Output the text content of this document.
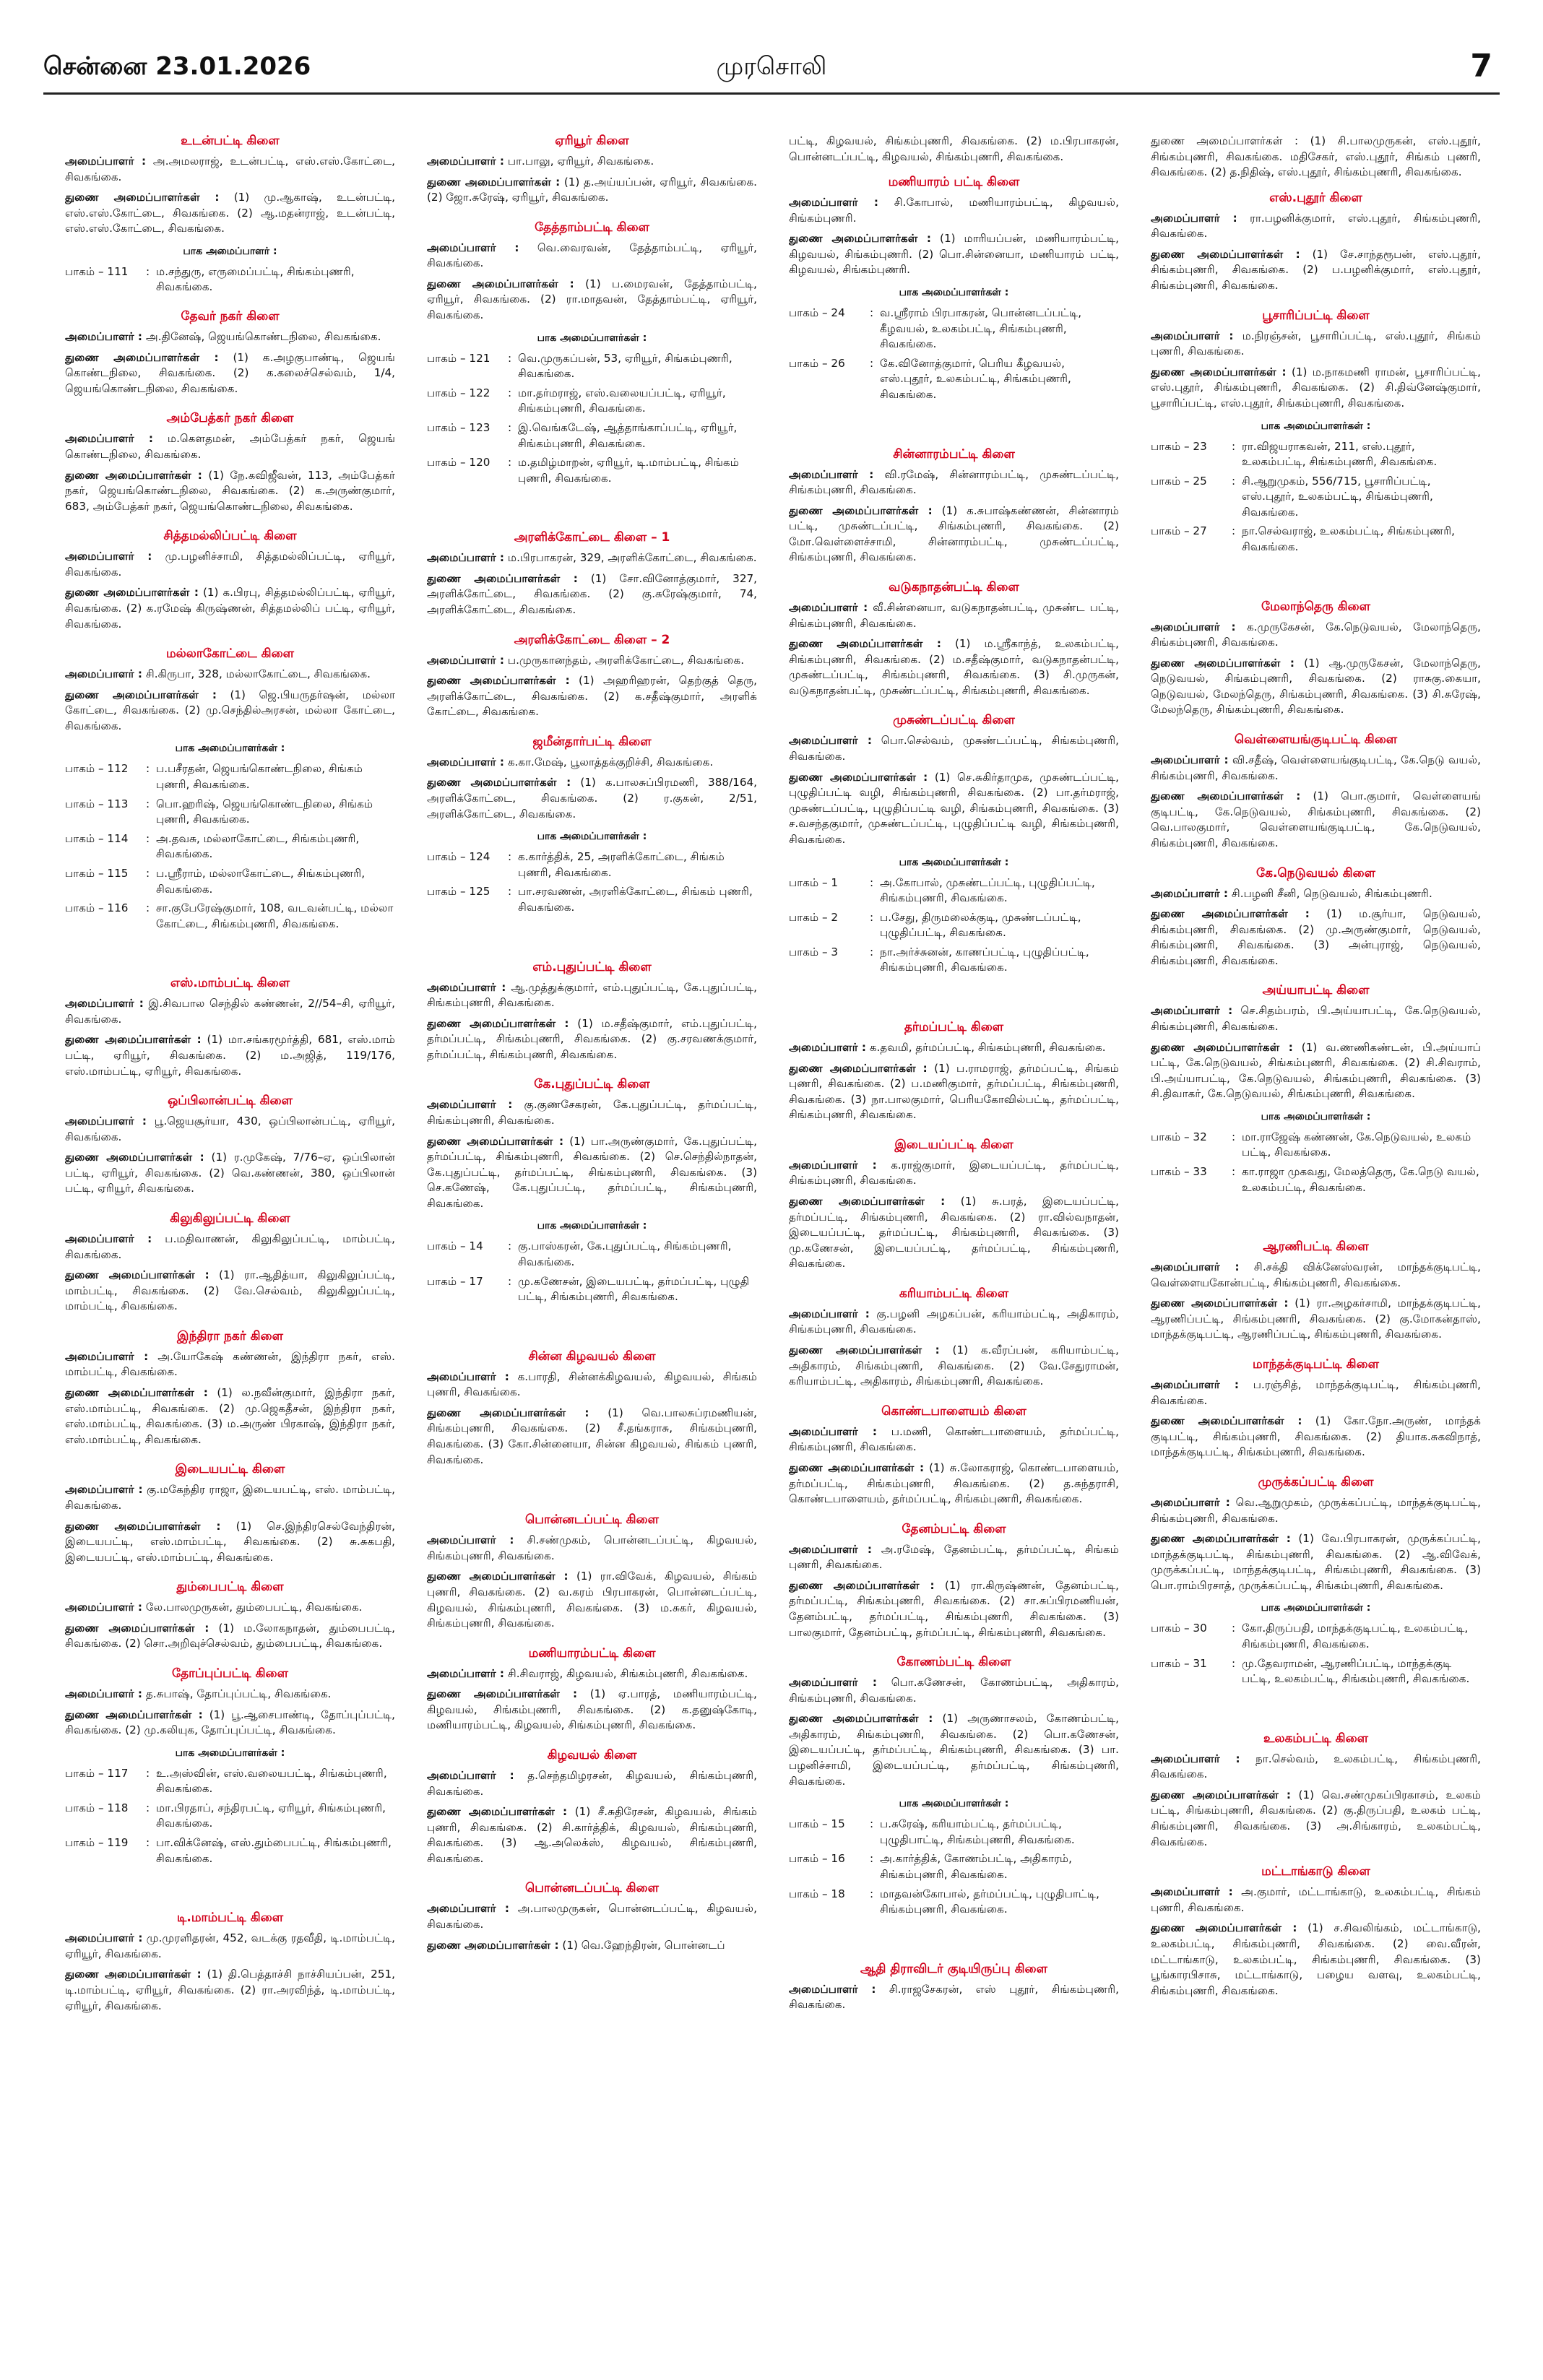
சென்னை 23.01.2026	முரசொலி	7
உடன்பட்டி கிளை
அமைப்பாளர் : அ.அமலராஜ், உடன்பட்டி, எஸ்.எஸ்.கோட்டை, சிவகங்கை.
துணை அமைப்பாளர்கள் : (1) மு.ஆகாஷ், உடன்பட்டி, எஸ்.எஸ்.கோட்டை, சிவகங்கை. (2) ஆ.மதன்ராஜ், உடன்பட்டி, எஸ்.எஸ்.கோட்டை, சிவகங்கை.
பாக அமைப்பாளர் :
பாகம் – 111	: ம.சந்துரு, எருமைப்பட்டி, சிங்கம்புணரி, சிவகங்கை.
தேவர் நகர் கிளை
அமைப்பாளர் : அ.தினேஷ், ஜெயங்கொண்டநிலை, சிவகங்கை.
துணை அமைப்பாளர்கள் : (1) க.அழகுபாண்டி, ஜெயங் கொண்டநிலை, சிவகங்கை. (2) க.கலைச்செல்வம், 1/4, ஜெயங்கொண்டநிலை, சிவகங்கை.
அம்பேத்கர் நகர் கிளை
அமைப்பாளர் : ம.கெளதமன், அம்பேத்கர் நகர், ஜெயங் கொண்டநிலை, சிவகங்கை.
துணை அமைப்பாளர்கள் : (1) நே.கவிஜீவன், 113, அம்பேத்கர் நகர், ஜெயங்கொண்டநிலை, சிவகங்கை. (2) க.அருண்குமார், 683, அம்பேத்கர் நகர், ஜெயங்கொண்டநிலை, சிவகங்கை.
சித்தமல்லிப்பட்டி கிளை
அமைப்பாளர் : மு.பழனிச்சாமி, சித்தமல்லிப்பட்டி, ஏரியூர், சிவகங்கை.
துணை அமைப்பாளர்கள் : (1) க.பிரபு, சித்தமல்லிப்பட்டி, ஏரியூர், சிவகங்கை. (2) க.ரமேஷ் கிருஷ்ணன், சித்தமல்லிப் பட்டி, ஏரியூர், சிவகங்கை.
மல்லாகோட்டை கிளை
அமைப்பாளர் : சி.கிருபா, 328, மல்லாகோட்டை, சிவகங்கை.
துணை அமைப்பாளர்கள் : (1) ஜெ.பியருதர்ஷன், மல்லா கோட்டை, சிவகங்கை. (2) மு.செந்தில்அரசன், மல்லா கோட்டை, சிவகங்கை.
பாக அமைப்பாளர்கள் :
பாகம் – 112	: ப.பசீரதன், ஜெயங்கொண்டநிலை, சிங்கம் புணரி, சிவகங்கை.
பாகம் – 113	: பொ.ஹரிஷ், ஜெயங்கொண்டநிலை, சிங்கம் புணரி, சிவகங்கை.
பாகம் – 114	: அ.தவசு, மல்லாகோட்டை, சிங்கம்புணரி, சிவகங்கை.
பாகம் – 115	: ப.ஸ்ரீராம், மல்லாகோட்டை, சிங்கம்புணரி, சிவகங்கை.
பாகம் – 116	: சா.குபேரேஷ்குமார், 108, வடவன்பட்டி, மல்லா கோட்டை, சிங்கம்புணரி, சிவகங்கை.
எஸ்.மாம்பட்டி கிளை
அமைப்பாளர் : இ.சிவபால செந்தில் கண்ணன், 2//54–சி, ஏரியூர், சிவகங்கை.
துணை அமைப்பாளர்கள் : (1) மா.சங்கரமூர்த்தி, 681, எஸ்.மாம் பட்டி, ஏரியூர், சிவகங்கை. (2) ம.அஜித், 119/176, எஸ்.மாம்பட்டி, ஏரியூர், சிவகங்கை.
ஒப்பிலான்பட்டி கிளை
அமைப்பாளர் : பூ.ஜெயசூர்யா, 430, ஒப்பிலான்பட்டி, ஏரியூர், சிவகங்கை.
துணை அமைப்பாளர்கள் : (1) ர.முகேஷ், 7/76–ஏ, ஒப்பிலான் பட்டி, ஏரியூர், சிவகங்கை. (2) வெ.கண்ணன், 380, ஒப்பிலான் பட்டி, ஏரியூர், சிவகங்கை.
கிலுகிலுப்பட்டி கிளை
அமைப்பாளர் : ப.மதிவாணன், கிலுகிலுப்பட்டி, மாம்பட்டி, சிவகங்கை.
துணை அமைப்பாளர்கள் : (1) ரா.ஆதித்யா, கிலுகிலுப்பட்டி, மாம்பட்டி, சிவகங்கை. (2) வே.செல்வம், கிலுகிலுப்பட்டி, மாம்பட்டி, சிவகங்கை.
இந்திரா நகர் கிளை
அமைப்பாளர் : அ.யோகேஷ் கண்ணன், இந்திரா நகர், எஸ். மாம்பட்டி, சிவகங்கை.
துணை அமைப்பாளர்கள் : (1) ல.நவீன்குமார், இந்திரா நகர், எஸ்.மாம்பட்டி, சிவகங்கை. (2) மு.ஜெகதீசன், இந்திரா நகர், எஸ்.மாம்பட்டி, சிவகங்கை. (3) ம.அருண் பிரகாஷ், இந்திரா நகர், எஸ்.மாம்பட்டி, சிவகங்கை.
இடையபட்டி கிளை
அமைப்பாளர் : கு.மகேந்திர ராஜா, இடையபட்டி, எஸ். மாம்பட்டி, சிவகங்கை.
துணை அமைப்பாளர்கள் : (1) செ.இந்திரசெல்வேந்திரன், இடையபட்டி, எஸ்.மாம்பட்டி, சிவகங்கை. (2) சு.சுகபதி, இடையபட்டி, எஸ்.மாம்பட்டி, சிவகங்கை.
தும்பைபட்டி கிளை
அமைப்பாளர் : லே.பாலமுருகன், தும்பைபட்டி, சிவகங்கை.
துணை அமைப்பாளர்கள் : (1) ம.லோகநாதன், தும்பைபட்டி, சிவகங்கை. (2) சொ.அறிவுச்செல்வம், தும்பைபட்டி, சிவகங்கை.
தோப்புப்பட்டி கிளை
அமைப்பாளர் : த.சுபாஷ், தோப்புப்பட்டி, சிவகங்கை.
துணை அமைப்பாளர்கள் : (1) பூ.ஆசைபாண்டி, தோப்புப்பட்டி, சிவகங்கை. (2) மு.கலியுக, தோப்புப்பட்டி, சிவகங்கை.
பாக அமைப்பாளர்கள் :
பாகம் – 117	: உ.அஸ்வின், எஸ்.வலையபட்டி, சிங்கம்புணரி, சிவகங்கை.
பாகம் – 118	: மா.பிரதாப், சந்திரபட்டி, ஏரியூர், சிங்கம்புணரி, சிவகங்கை.
பாகம் – 119	: பா.விக்னேஷ், எஸ்.தும்பைபட்டி, சிங்கம்புணரி, சிவகங்கை.
டி.மாம்பட்டி கிளை
அமைப்பாளர் : மு.முரளிதரன், 452, வடக்கு ரதவீதி, டி.மாம்பட்டி, ஏரியூர், சிவகங்கை.
துணை அமைப்பாளர்கள் : (1) தி.பெத்தாச்சி நாச்சியப்பன், 251, டி.மாம்பட்டி, ஏரியூர், சிவகங்கை. (2) ரா.அரவிந்த், டி.மாம்பட்டி, ஏரியூர், சிவகங்கை.
ஏரியூர் கிளை
அமைப்பாளர் : பா.பாலு, ஏரியூர், சிவகங்கை.
துணை அமைப்பாளர்கள் : (1) த.அய்யப்பன், ஏரியூர், சிவகங்கை. (2) ஜோ.சுரேஷ், ஏரியூர், சிவகங்கை.
தேத்தாம்பட்டி கிளை
அமைப்பாளர் : வெ.வைரவன், தேத்தாம்பட்டி, ஏரியூர், சிவகங்கை.
துணை அமைப்பாளர்கள் : (1) ப.மைரவன், தேத்தாம்பட்டி, ஏரியூர், சிவகங்கை. (2) ரா.மாதவன், தேத்தாம்பட்டி, ஏரியூர், சிவகங்கை.
பாக அமைப்பாளர்கள் :
பாகம் – 121	: வெ.முருகப்பன், 53, ஏரியூர், சிங்கம்புணரி, சிவகங்கை.
பாகம் – 122	: மா.தர்மராஜ், எஸ்.வலையப்பட்டி, ஏரியூர், சிங்கம்புணரி, சிவகங்கை.
பாகம் – 123	: இ.வெங்கடேஷ், ஆத்தாங்காப்பட்டி, ஏரியூர், சிங்கம்புணரி, சிவகங்கை.
பாகம் – 120	: ம.தமிழ்மாறன், ஏரியூர், டி.மாம்பட்டி, சிங்கம் புணரி, சிவகங்கை.
அரளிக்கோட்டை கிளை – 1
அமைப்பாளர் : ம.பிரபாகரன், 329, அரளிக்கோட்டை, சிவகங்கை.
துணை அமைப்பாளர்கள் : (1) சோ.வினோத்குமார், 327, அரளிக்கோட்டை, சிவகங்கை. (2) கு.சுரேஷ்குமார், 74, அரளிக்கோட்டை, சிவகங்கை.
அரளிக்கோட்டை கிளை – 2
அமைப்பாளர் : ப.முருகானந்தம், அரளிக்கோட்டை, சிவகங்கை.
துணை அமைப்பாளர்கள் : (1) அஹரிஹரன், தெற்குத் தெரு, அரளிக்கோட்டை, சிவகங்கை. (2) க.சதீஷ்குமார், அரளிக் கோட்டை, சிவகங்கை.
ஜமீன்தார்பட்டி கிளை
அமைப்பாளர் : க.கா.மேஷ், பூலாத்தக்குறிச்சி, சிவகங்கை.
துணை அமைப்பாளர்கள் : (1) க.பாலசுப்பிரமணி, 388/164, அரளிக்கோட்டை, சிவகங்கை. (2) ர.குகன், 2/51, அரளிக்கோட்டை, சிவகங்கை.
பாக அமைப்பாளர்கள் :
பாகம் – 124	: க.கார்த்திக், 25, அரளிக்கோட்டை, சிங்கம் புணரி, சிவகங்கை.
பாகம் – 125	: பா.சரவணன், அரளிக்கோட்டை, சிங்கம் புணரி, சிவகங்கை.
எம்.புதுப்பட்டி கிளை
அமைப்பாளர் : ஆ.முத்துக்குமார், எம்.புதுப்பட்டி, கே.புதுப்பட்டி, சிங்கம்புணரி, சிவகங்கை.
துணை அமைப்பாளர்கள் : (1) ம.சதீஷ்குமார், எம்.புதுப்பட்டி, தர்மப்பட்டி, சிங்கம்புணரி, சிவகங்கை. (2) கு.சரவணக்குமார், தர்மப்பட்டி, சிங்கம்புணரி, சிவகங்கை.
கே.புதுப்பட்டி கிளை
அமைப்பாளர் : கு.குணசேகரன், கே.புதுப்பட்டி, தர்மப்பட்டி, சிங்கம்புணரி, சிவகங்கை.
துணை அமைப்பாளர்கள் : (1) பா.அருண்குமார், கே.புதுப்பட்டி, தர்மப்பட்டி, சிங்கம்புணரி, சிவகங்கை. (2) செ.செந்தில்நாதன், கே.புதுப்பட்டி, தர்மப்பட்டி, சிங்கம்புணரி, சிவகங்கை. (3) செ.கணேஷ், கே.புதுப்பட்டி, தர்மப்பட்டி, சிங்கம்புணரி, சிவகங்கை.
பாக அமைப்பாளர்கள் :
பாகம் – 14	: கு.பாஸ்கரன், கே.புதுப்பட்டி, சிங்கம்புணரி, சிவகங்கை.
பாகம் – 17	: மு.கணேசன், இடையபட்டி, தர்மப்பட்டி, புழுதி பட்டி, சிங்கம்புணரி, சிவகங்கை.
சின்ன கிழவயல் கிளை
அமைப்பாளர் : க.பாரதி, சின்னக்கிழவயல், கிழவயல், சிங்கம் புணரி, சிவகங்கை.
துணை அமைப்பாளர்கள் : (1) வெ.பாலசுப்ரமணியன், சிங்கம்புணரி, சிவகங்கை. (2) சீ.தங்கராசு, சிங்கம்புணரி, சிவகங்கை. (3) கோ.சின்னையா, சின்ன கிழவயல், சிங்கம் புணரி, சிவகங்கை.
பொன்னடப்பட்டி கிளை
அமைப்பாளர் : சி.சண்முகம், பொன்னடப்பட்டி, கிழவயல், சிங்கம்புணரி, சிவகங்கை.
துணை அமைப்பாளர்கள் : (1) ரா.விவேக், கிழவயல், சிங்கம் புணரி, சிவகங்கை. (2) வ.கரம் பிரபாகரன், பொன்னடப்பட்டி, கிழவயல், சிங்கம்புணரி, சிவகங்கை. (3) ம.சுகர், கிழவயல், சிங்கம்புணரி, சிவகங்கை.
மணியாரம்பட்டி கிளை
அமைப்பாளர் : சி.சிவராஜ், கிழவயல், சிங்கம்புணரி, சிவகங்கை.
துணை அமைப்பாளர்கள் : (1) ஏ.பாரத், மணியாரம்பட்டி, கிழவயல், சிங்கம்புணரி, சிவகங்கை. (2) க.தனுஷ்கோடி, மணியாரம்பட்டி, கிழவயல், சிங்கம்புணரி, சிவகங்கை.
கிழவயல் கிளை
அமைப்பாளர் : த.செந்தமிழரசன், கிழவயல், சிங்கம்புணரி, சிவகங்கை.
துணை அமைப்பாளர்கள் : (1) சீ.சுதிரேசன், கிழவயல், சிங்கம் புணரி, சிவகங்கை. (2) சி.கார்த்திக், கிழவயல், சிங்கம்புணரி, சிவகங்கை. (3) ஆ.அலெக்ஸ், கிழவயல், சிங்கம்புணரி, சிவகங்கை.
பொன்னடப்பட்டி கிளை
அமைப்பாளர் : அ.பாலமுருகன், பொன்னடப்பட்டி, கிழவயல், சிவகங்கை.
துணை அமைப்பாளர்கள் : (1) வெ.ஹேந்திரன், பொன்னடப்
பட்டி, கிழவயல், சிங்கம்புணரி, சிவகங்கை. (2) ம.பிரபாகரன், பொன்னடப்பட்டி, கிழவயல், சிங்கம்புணரி, சிவகங்கை.
மணியாரம் பட்டி கிளை
அமைப்பாளர் : சி.கோபால், மணியாரம்பட்டி, கிழவயல், சிங்கம்புணரி.
துணை அமைப்பாளர்கள் : (1) மாரியப்பன், மணியாரம்பட்டி, கிழவயல், சிங்கம்புணரி. (2) பொ.சின்னையா, மணியாரம் பட்டி, கிழவயல், சிங்கம்புணரி.
பாக அமைப்பாளர்கள் :
பாகம் – 24	: வ.ஸ்ரீராம் பிரபாகரன், பொன்னடப்பட்டி, கீழவயல், உலகம்பட்டி, சிங்கம்புணரி, சிவகங்கை.
பாகம் – 26	: கே.வினோத்குமார், பெரிய கீழவயல், எஸ்.புதூர், உலகம்பட்டி, சிங்கம்புணரி, சிவகங்கை.
சின்னாரம்பட்டி கிளை
அமைப்பாளர் : வி.ரமேஷ், சின்னாரம்பட்டி, முசுண்டப்பட்டி, சிங்கம்புணரி, சிவகங்கை.
துணை அமைப்பாளர்கள் : (1) க.சுபாஷ்கண்ணன், சின்னாரம் பட்டி, முசுண்டப்பட்டி, சிங்கம்புணரி, சிவகங்கை. (2) மோ.வெள்ளைச்சாமி, சின்னாரம்பட்டி, முசுண்டப்பட்டி, சிங்கம்புணரி, சிவகங்கை.
வடுகநாதன்பட்டி கிளை
அமைப்பாளர் : வீ.சின்னையா, வடுகநாதன்பட்டி, முசுண்ட பட்டி, சிங்கம்புணரி, சிவகங்கை.
துணை அமைப்பாளர்கள் : (1) ம.ஸ்ரீகாந்த், உலகம்பட்டி, சிங்கம்புணரி, சிவகங்கை. (2) ம.சதீஷ்குமார், வடுகநாதன்பட்டி, முசுண்டப்பட்டி, சிங்கம்புணரி, சிவகங்கை. (3) சி.முருகன், வடுகநாதன்பட்டி, முசுண்டப்பட்டி, சிங்கம்புணரி, சிவகங்கை.
முசுண்டப்பட்டி கிளை
அமைப்பாளர் : பொ.செல்வம், முசுண்டப்பட்டி, சிங்கம்புணரி, சிவகங்கை.
துணை அமைப்பாளர்கள் : (1) செ.சுகிர்தாமுக, முசுண்டப்பட்டி, புழுதிப்பட்டி வழி, சிங்கம்புணரி, சிவகங்கை. (2) பா.தர்மராஜ், முசுண்டப்பட்டி, புழுதிப்பட்டி வழி, சிங்கம்புணரி, சிவகங்கை. (3) ச.வசந்தகுமார், முசுண்டப்பட்டி, புழுதிப்பட்டி வழி, சிங்கம்புணரி, சிவகங்கை.
பாக அமைப்பாளர்கள் :
பாகம் – 1	: அ.கோபால், முசுண்டப்பட்டி, புழுதிப்பட்டி, சிங்கம்புணரி, சிவகங்கை.
பாகம் – 2	: ப.சேது, திருமலைக்குடி, முசுண்டப்பட்டி, புழுதிப்பட்டி, சிவகங்கை.
பாகம் – 3	: நா.அர்ச்சுனன், காணப்பட்டி, புழுதிப்பட்டி, சிங்கம்புணரி, சிவகங்கை.
தர்மப்பட்டி கிளை
அமைப்பாளர் : க.தவமி, தர்மப்பட்டி, சிங்கம்புணரி, சிவகங்கை.
துணை அமைப்பாளர்கள் : (1) ப.ராமராஜ், தர்மப்பட்டி, சிங்கம் புணரி, சிவகங்கை. (2) ப.மணிகுமார், தர்மப்பட்டி, சிங்கம்புணரி, சிவகங்கை. (3) நா.பாலகுமார், பெரியகோவில்பட்டி, தர்மப்பட்டி, சிங்கம்புணரி, சிவகங்கை.
இடையப்பட்டி கிளை
அமைப்பாளர் : க.ராஜ்குமார், இடையப்பட்டி, தர்மப்பட்டி, சிங்கம்புணரி, சிவகங்கை.
துணை அமைப்பாளர்கள் : (1) சு.பரத், இடையப்பட்டி, தர்மப்பட்டி, சிங்கம்புணரி, சிவகங்கை. (2) ரா.வில்வநாதன், இடையப்பட்டி, தர்மப்பட்டி, சிங்கம்புணரி, சிவகங்கை. (3) மு.கணேசன், இடையப்பட்டி, தர்மப்பட்டி, சிங்கம்புணரி, சிவகங்கை.
கரியாம்பட்டி கிளை
அமைப்பாளர் : கு.பழனி அழகப்பன், கரியாம்பட்டி, அதிகாரம், சிங்கம்புணரி, சிவகங்கை.
துணை அமைப்பாளர்கள் : (1) க.வீரப்பன், கரியாம்பட்டி, அதிகாரம், சிங்கம்புணரி, சிவகங்கை. (2) வே.சேதுராமன், கரியாம்பட்டி, அதிகாரம், சிங்கம்புணரி, சிவகங்கை.
கொண்டபாளையம் கிளை
அமைப்பாளர் : ப.மணி, கொண்டபாளையம், தர்மப்பட்டி, சிங்கம்புணரி, சிவகங்கை.
துணை அமைப்பாளர்கள் : (1) சு.லோகராஜ், கொண்டபாளையம், தர்மப்பட்டி, சிங்கம்புணரி, சிவகங்கை. (2) த.சுந்தராசி, கொண்டபாளையம், தர்மப்பட்டி, சிங்கம்புணரி, சிவகங்கை.
தேனம்பட்டி கிளை
அமைப்பாளர் : அ.ரமேஷ், தேனம்பட்டி, தர்மப்பட்டி, சிங்கம் புணரி, சிவகங்கை.
துணை அமைப்பாளர்கள் : (1) ரா.கிருஷ்ணன், தேனம்பட்டி, தர்மப்பட்டி, சிங்கம்புணரி, சிவகங்கை. (2) சா.சுப்பிரமணியன், தேனம்பட்டி, தர்மப்பட்டி, சிங்கம்புணரி, சிவகங்கை. (3) பாலகுமார், தேனம்பட்டி, தர்மப்பட்டி, சிங்கம்புணரி, சிவகங்கை.
கோணம்பட்டி கிளை
அமைப்பாளர் : பொ.கணேசன், கோணம்பட்டி, அதிகாரம், சிங்கம்புணரி, சிவகங்கை.
துணை அமைப்பாளர்கள் : (1) அருணாசலம், கோணம்பட்டி, அதிகாரம், சிங்கம்புணரி, சிவகங்கை. (2) பொ.கணேசன், இடையப்பட்டி, தர்மப்பட்டி, சிங்கம்புணரி, சிவகங்கை. (3) பா. பழனிச்சாமி, இடையப்பட்டி, தர்மப்பட்டி, சிங்கம்புணரி, சிவகங்கை.
பாக அமைப்பாளர்கள் :
பாகம் – 15	: ப.சுரேஷ், கரியாம்பட்டி, தர்மப்பட்டி, புழுதிபாட்டி, சிங்கம்புணரி, சிவகங்கை.
பாகம் – 16	: அ.கார்த்திக், கோணம்பட்டி, அதிகாரம், சிங்கம்புணரி, சிவகங்கை.
பாகம் – 18	: மாதவன்கோபால், தர்மப்பட்டி, புழுதிபாட்டி, சிங்கம்புணரி, சிவகங்கை.
ஆதி திராவிடர் குடியிருப்பு கிளை
அமைப்பாளர் : சி.ராஜசேகரன், எஸ் புதூர், சிங்கம்புணரி, சிவகங்கை.
துணை அமைப்பாளர்கள் : (1) சி.பாலமுருகன், எஸ்.புதூர், சிங்கம்புணரி, சிவகங்கை. மதிசேகர், எஸ்.புதூர், சிங்கம் புணரி, சிவகங்கை. (2) த.நிதிஷ், எஸ்.புதூர், சிங்கம்புணரி, சிவகங்கை.
எஸ்.புதூர் கிளை
அமைப்பாளர் : ரா.பழனிக்குமார், எஸ்.புதூர், சிங்கம்புணரி, சிவகங்கை.
துணை அமைப்பாளர்கள் : (1) சே.சாந்தரூபன், எஸ்.புதூர், சிங்கம்புணரி, சிவகங்கை. (2) ப.பழனிக்குமார், எஸ்.புதூர், சிங்கம்புணரி, சிவகங்கை.
பூசாரிப்பட்டி கிளை
அமைப்பாளர் : ம.நிரஞ்சன், பூசாரிப்பட்டி, எஸ்.புதூர், சிங்கம் புணரி, சிவகங்கை.
துணை அமைப்பாளர்கள் : (1) ம.நாகமணி ராமன், பூசாரிப்பட்டி, எஸ்.புதூர், சிங்கம்புணரி, சிவகங்கை. (2) சி.திவ்னேஷ்குமார், பூசாரிப்பட்டி, எஸ்.புதூர், சிங்கம்புணரி, சிவகங்கை.
பாக அமைப்பாளர்கள் :
பாகம் – 23	: ரா.விஜயராகவன், 211, எஸ்.புதூர், உலகம்பட்டி, சிங்கம்புணரி, சிவகங்கை.
பாகம் – 25	: சி.ஆறுமுகம், 556/715, பூசாரிப்பட்டி, எஸ்.புதூர், உலகம்பட்டி, சிங்கம்புணரி, சிவகங்கை.
பாகம் – 27	: நா.செல்வராஜ், உலகம்பட்டி, சிங்கம்புணரி, சிவகங்கை.
மேலாந்தெரு கிளை
அமைப்பாளர் : க.முருகேசன், கே.நெடுவயல், மேலாந்தெரு, சிங்கம்புணரி, சிவகங்கை.
துணை அமைப்பாளர்கள் : (1) ஆ.முருகேசன், மேலாந்தெரு, நெடுவயல், சிங்கம்புணரி, சிவகங்கை. (2) ராசுகு.கையா, நெடுவயல், மேலந்தெரு, சிங்கம்புணரி, சிவகங்கை. (3) சி.சுரேஷ், மேலந்தெரு, சிங்கம்புணரி, சிவகங்கை.
வெள்ளையங்குடிபட்டி கிளை
அமைப்பாளர் : வி.சதீஷ், வெள்ளையங்குடிபட்டி, கே.நெடு வயல், சிங்கம்புணரி, சிவகங்கை.
துணை அமைப்பாளர்கள் : (1) பொ.குமார், வெள்ளையங் குடிபட்டி, கே.நெடுவயல், சிங்கம்புணரி, சிவகங்கை. (2) வெ.பாலகுமார், வெள்ளையங்குடிபட்டி, கே.நெடுவயல், சிங்கம்புணரி, சிவகங்கை.
கே.நெடுவயல் கிளை
அமைப்பாளர் : சி.பழனி சீனி, நெடுவயல், சிங்கம்புணரி.
துணை அமைப்பாளர்கள் : (1) ம.சூர்யா, நெடுவயல், சிங்கம்புணரி, சிவகங்கை. (2) மு.அருண்குமார், நெடுவயல், சிங்கம்புணரி, சிவகங்கை. (3) அன்புராஜ், நெடுவயல், சிங்கம்புணரி, சிவகங்கை.
அய்யாபட்டி கிளை
அமைப்பாளர் : செ.சிதம்பரம், பி.அய்யாபட்டி, கே.நெடுவயல், சிங்கம்புணரி, சிவகங்கை.
துணை அமைப்பாளர்கள் : (1) வ.ணணிகண்டன், பி.அய்யாப் பட்டி, கே.நெடுவயல், சிங்கம்புணரி, சிவகங்கை. (2) சி.சிவராம், பி.அய்யாபட்டி, கே.நெடுவயல், சிங்கம்புணரி, சிவகங்கை. (3) சி.திவாகர், கே.நெடுவயல், சிங்கம்புணரி, சிவகங்கை.
பாக அமைப்பாளர்கள் :
பாகம் – 32	: மா.ராஜேஷ் கண்ணன், கே.நெடுவயல், உலகம் பட்டி, சிவகங்கை.
பாகம் – 33	: கா.ராஜா முகவது, மேலத்தெரு, கே.நெடு வயல், உலகம்பட்டி, சிவகங்கை.
ஆரணிபட்டி கிளை
அமைப்பாளர் : சி.சக்தி விக்னேஸ்வரன், மாந்தக்குடிபட்டி, வெள்ளையகோன்பட்டி, சிங்கம்புணரி, சிவகங்கை.
துணை அமைப்பாளர்கள் : (1) ரா.அழகர்சாமி, மாந்தக்குடிபட்டி, ஆரணிப்பட்டி, சிங்கம்புணரி, சிவகங்கை. (2) கு.மோகன்தாஸ், மாந்தக்குடிபட்டி, ஆரணிப்பட்டி, சிங்கம்புணரி, சிவகங்கை.
மாந்தக்குடிபட்டி கிளை
அமைப்பாளர் : ப.ரஞ்சித், மாந்தக்குடிபட்டி, சிங்கம்புணரி, சிவகங்கை.
துணை அமைப்பாளர்கள் : (1) கோ.நோ.அருண், மாந்தக் குடிபட்டி, சிங்கம்புணரி, சிவகங்கை. (2) தியாக.சுகவிநாத், மாந்தக்குடிபட்டி, சிங்கம்புணரி, சிவகங்கை.
முருக்கப்பட்டி கிளை
அமைப்பாளர் : வெ.ஆறுமுகம், முருக்கப்பட்டி, மாந்தக்குடிபட்டி, சிங்கம்புணரி, சிவகங்கை.
துணை அமைப்பாளர்கள் : (1) வே.பிரபாகரன், முருக்கப்பட்டி, மாந்தக்குடிபட்டி, சிங்கம்புணரி, சிவகங்கை. (2) ஆ.விவேக், முருக்கப்பட்டி, மாந்தக்குடிபட்டி, சிங்கம்புணரி, சிவகங்கை. (3) பொ.ராம்பிரசாத், முருக்கப்பட்டி, சிங்கம்புணரி, சிவகங்கை.
பாக அமைப்பாளர்கள் :
பாகம் – 30	: கோ.திருப்பதி, மாந்தக்குடிபட்டி, உலகம்பட்டி, சிங்கம்புணரி, சிவகங்கை.
பாகம் – 31	: மு.தேவராமன், ஆரணிப்பட்டி, மாந்தக்குடி பட்டி, உலகம்பட்டி, சிங்கம்புணரி, சிவகங்கை.
உலகம்பட்டி கிளை
அமைப்பாளர் : நா.செல்வம், உலகம்பட்டி, சிங்கம்புணரி, சிவகங்கை.
துணை அமைப்பாளர்கள் : (1) வெ.சண்முகப்பிரகாசம், உலகம் பட்டி, சிங்கம்புணரி, சிவகங்கை. (2) கு.திருப்பதி, உலகம் பட்டி, சிங்கம்புணரி, சிவகங்கை. (3) அ.சிங்காரம், உலகம்பட்டி, சிவகங்கை.
மட்டாங்காடு கிளை
அமைப்பாளர் : அ.குமார், மட்டாங்காடு, உலகம்பட்டி, சிங்கம் புணரி, சிவகங்கை.
துணை அமைப்பாளர்கள் : (1) ச.சிவலிங்கம், மட்டாங்காடு, உலகம்பட்டி, சிங்கம்புணரி, சிவகங்கை. (2) வை.வீரன், மட்டாங்காடு, உலகம்பட்டி, சிங்கம்புணரி, சிவகங்கை. (3) பூங்காரபிசாசு, மட்டாங்காடு, பழைய வளவு, உலகம்பட்டி, சிங்கம்புணரி, சிவகங்கை.
